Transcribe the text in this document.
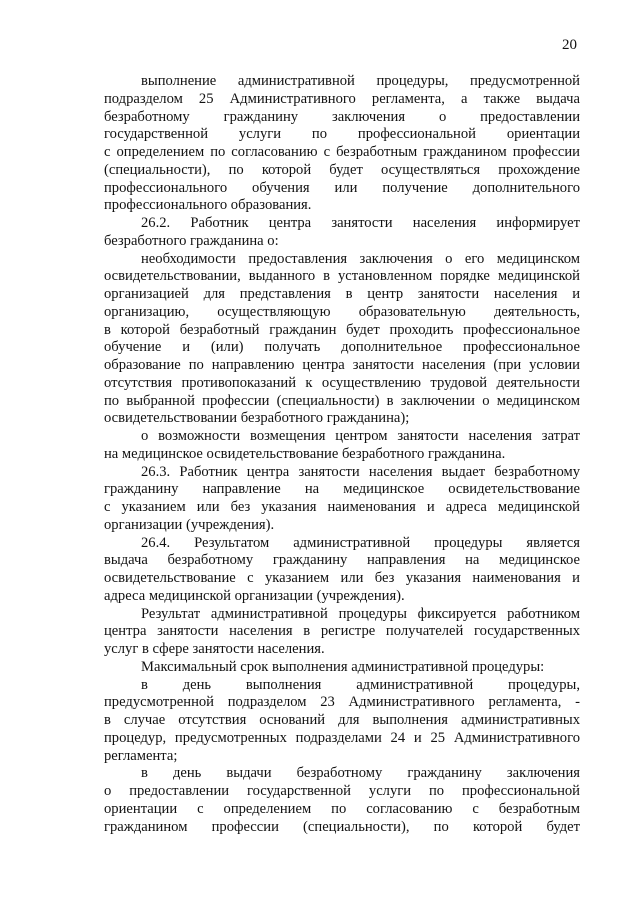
20
выполнение административной процедуры, предусмотренной
подразделом 25 Административного регламента, а также выдача
безработному гражданину заключения о предоставлении
государственной услуги по профессиональной ориентации
с определением по согласованию с безработным гражданином профессии
(специальности), по которой будет осуществляться прохождение
профессионального обучения или получение дополнительного
профессионального образования.
26.2. Работник центра занятости населения информирует
безработного гражданина о:
необходимости предоставления заключения о его медицинском
освидетельствовании, выданного в установленном порядке медицинской
организацией для представления в центр занятости населения и
организацию, осуществляющую образовательную деятельность,
в которой безработный гражданин будет проходить профессиональное
обучение и (или) получать дополнительное профессиональное
образование по направлению центра занятости населения (при условии
отсутствия противопоказаний к осуществлению трудовой деятельности
по выбранной профессии (специальности) в заключении о медицинском
освидетельствовании безработного гражданина);
о возможности возмещения центром занятости населения затрат
на медицинское освидетельствование безработного гражданина.
26.3. Работник центра занятости населения выдает безработному
гражданину направление на медицинское освидетельствование
с указанием или без указания наименования и адреса медицинской
организации (учреждения).
26.4. Результатом административной процедуры является
выдача безработному гражданину направления на медицинское
освидетельствование с указанием или без указания наименования и
адреса медицинской организации (учреждения).
Результат административной процедуры фиксируется работником
центра занятости населения в регистре получателей государственных
услуг в сфере занятости населения.
Максимальный срок выполнения административной процедуры:
в день выполнения административной процедуры,
предусмотренной подразделом 23 Административного регламента, -
в случае отсутствия оснований для выполнения административных
процедур, предусмотренных подразделами 24 и 25 Административного
регламента;
в день выдачи безработному гражданину заключения
о предоставлении государственной услуги по профессиональной
ориентации с определением по согласованию с безработным
гражданином профессии (специальности), по которой будет
